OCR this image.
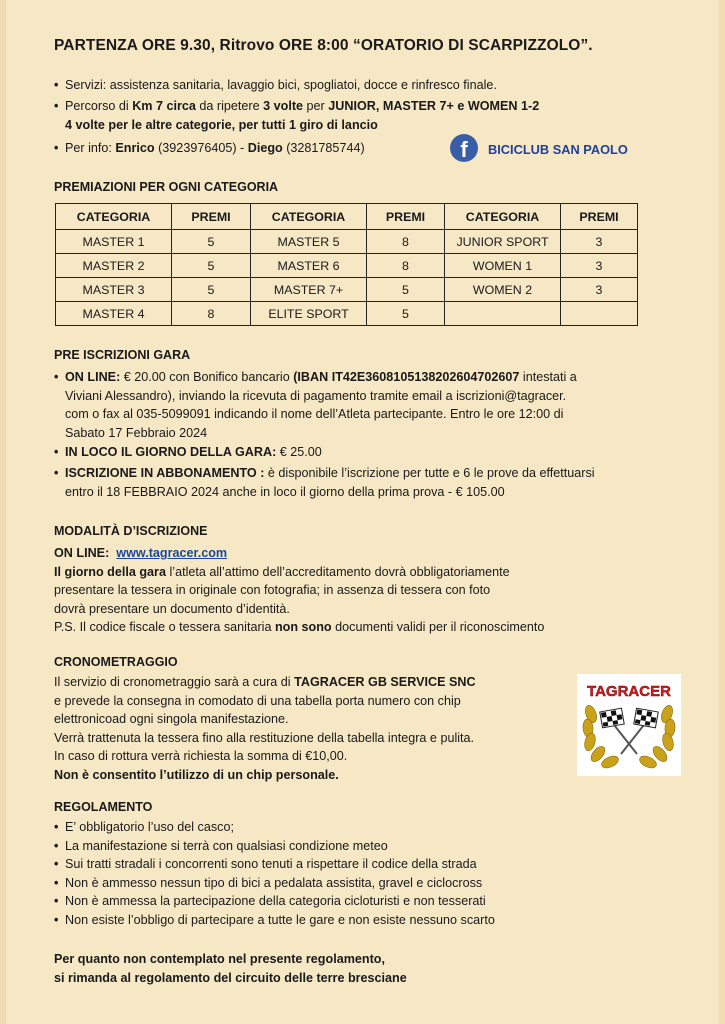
PARTENZA ORE 9.30, Ritrovo ORE 8:00 “ORATORIO DI SCARPIZZOLO”.
• Servizi: assistenza sanitaria, lavaggio bici, spogliatoi, docce e rinfresco finale.
• Percorso di Km 7 circa da ripetere 3 volte per JUNIOR, MASTER 7+ e WOMEN 1-2
4 volte per le altre categorie, per tutti 1 giro di lancio
• Per info: Enrico (3923976405) - Diego (3281785744)	f	BICICLUB SAN PAOLO
PREMIAZIONI PER OGNI CATEGORIA
CATEGORIA	PREMI	CATEGORIA	PREMI	CATEGORIA	PREMI
MASTER 1	5	MASTER 5	8	JUNIOR SPORT	3
MASTER 2	5	MASTER 6	8	WOMEN 1	3
MASTER 3	5	MASTER 7+	5	WOMEN 2	3
MASTER 4	8	ELITE SPORT	5		
PRE ISCRIZIONI GARA
• ON LINE: € 20.00 con Bonifico bancario (IBAN IT42E3608105138202604702607 intestati a
Viviani Alessandro), inviando la ricevuta di pagamento tramite email a iscrizioni@tagracer.
com o fax al 035-5099091 indicando il nome dell’Atleta partecipante. Entro le ore 12:00 di
Sabato 17 Febbraio 2024
• IN LOCO IL GIORNO DELLA GARA: € 25.00
• ISCRIZIONE IN ABBONAMENTO : è disponibile l’iscrizione per tutte e 6 le prove da effettuarsi
entro il 18 FEBBRAIO 2024 anche in loco il giorno della prima prova - € 105.00
MODALITÀ D’ISCRIZIONE
ON LINE: www.tagracer.com
Il giorno della gara l’atleta all’attimo dell’accreditamento dovrà obbligatoriamente
presentare la tessera in originale con fotografia; in assenza di tessera con foto
dovrà presentare un documento d’identità.
P.S. Il codice fiscale o tessera sanitaria non sono documenti validi per il riconoscimento
CRONOMETRAGGIO
Il servizio di cronometraggio sarà a cura di TAGRACER GB SERVICE SNC
e prevede la consegna in comodato di una tabella porta numero con chip
elettronicoad ogni singola manifestazione.
Verrà trattenuta la tessera fino alla restituzione della tabella integra e pulita.
In caso di rottura verrà richiesta la somma di €10,00.
Non è consentito l’utilizzo di un chip personale.
TAGRACER
REGOLAMENTO
• E’ obbligatorio l’uso del casco;
• La manifestazione si terrà con qualsiasi condizione meteo
• Sui tratti stradali i concorrenti sono tenuti a rispettare il codice della strada
• Non è ammesso nessun tipo di bici a pedalata assistita, gravel e ciclocross
• Non è ammessa la partecipazione della categoria cicloturisti e non tesserati
• Non esiste l’obbligo di partecipare a tutte le gare e non esiste nessuno scarto
Per quanto non contemplato nel presente regolamento,
si rimanda al regolamento del circuito delle terre bresciane
